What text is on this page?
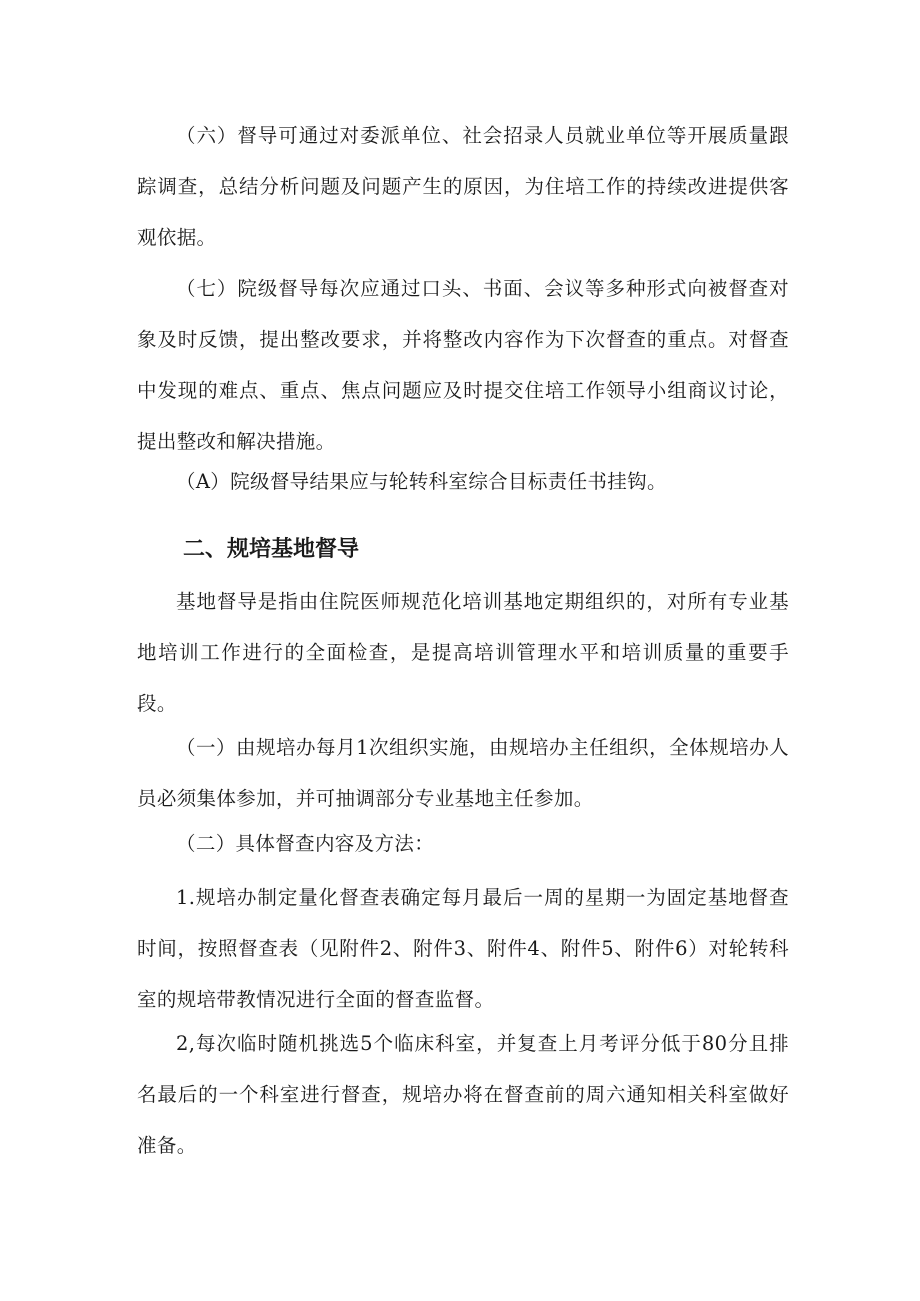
（六）督导可通过对委派单位、社会招录人员就业单位等开展质量跟踪调查，总结分析问题及问题产生的原因，为住培工作的持续改进提供客观依据。

（七）院级督导每次应通过口头、书面、会议等多种形式向被督查对象及时反馈，提出整改要求，并将整改内容作为下次督查的重点。对督查中发现的难点、重点、焦点问题应及时提交住培工作领导小组商议讨论，提出整改和解决措施。

（A）院级督导结果应与轮转科室综合目标责任书挂钩。

二、规培基地督导

基地督导是指由住院医师规范化培训基地定期组织的，对所有专业基地培训工作进行的全面检查，是提高培训管理水平和培训质量的重要手段。

（一）由规培办每月1次组织实施，由规培办主任组织，全体规培办人员必须集体参加，并可抽调部分专业基地主任参加。

（二）具体督查内容及方法：

1.规培办制定量化督查表确定每月最后一周的星期一为固定基地督查时间，按照督查表（见附件2、附件3、附件4、附件5、附件6）对轮转科室的规培带教情况进行全面的督查监督。

2,每次临时随机挑选5个临床科室，并复查上月考评分低于80分且排名最后的一个科室进行督查，规培办将在督查前的周六通知相关科室做好准备。
